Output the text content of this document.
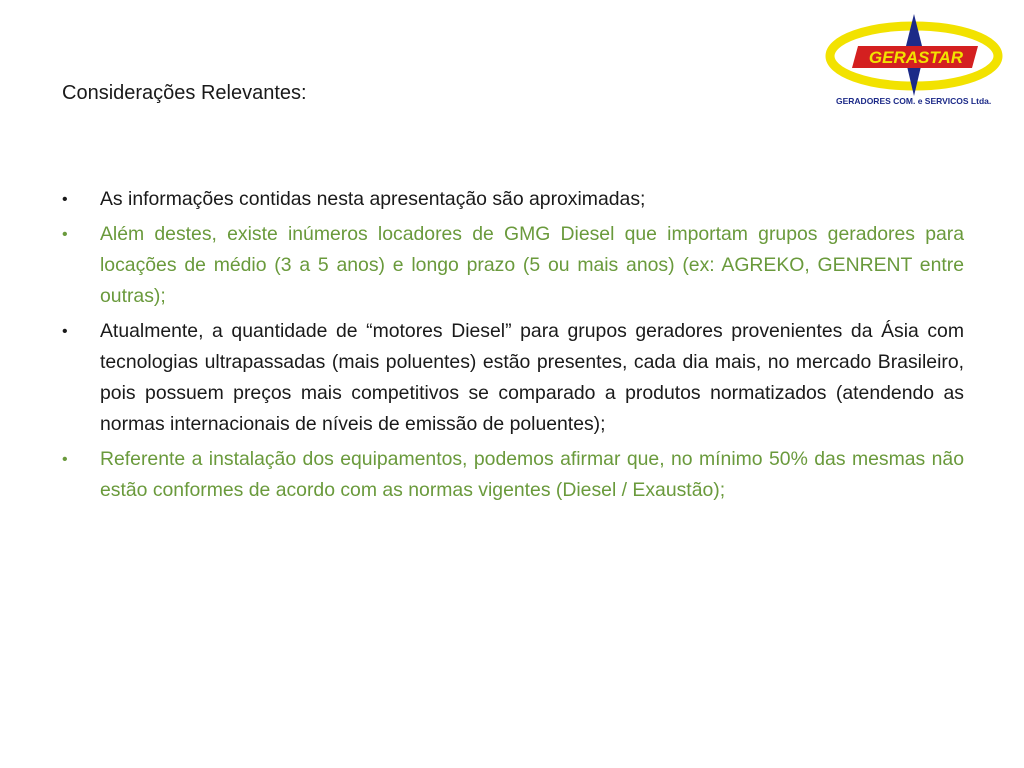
Considerações Relevantes:
GERASTAR
GERADORES COM. e SERVICOS Ltda.
•	As informações contidas nesta apresentação são aproximadas;
•	Além destes, existe inúmeros locadores de GMG Diesel que importam grupos geradores para locações de médio (3 a 5 anos) e longo prazo (5 ou mais anos) (ex: AGREKO, GENRENT entre outras);
•	Atualmente, a quantidade de “motores Diesel” para grupos geradores provenientes da Ásia com tecnologias ultrapassadas (mais poluentes) estão presentes, cada dia mais, no mercado Brasileiro, pois possuem preços mais competitivos se comparado a produtos normatizados (atendendo as normas internacionais de níveis de emissão de poluentes);
•	Referente a instalação dos equipamentos, podemos afirmar que, no mínimo 50% das mesmas não estão conformes de acordo com as normas vigentes (Diesel / Exaustão);
